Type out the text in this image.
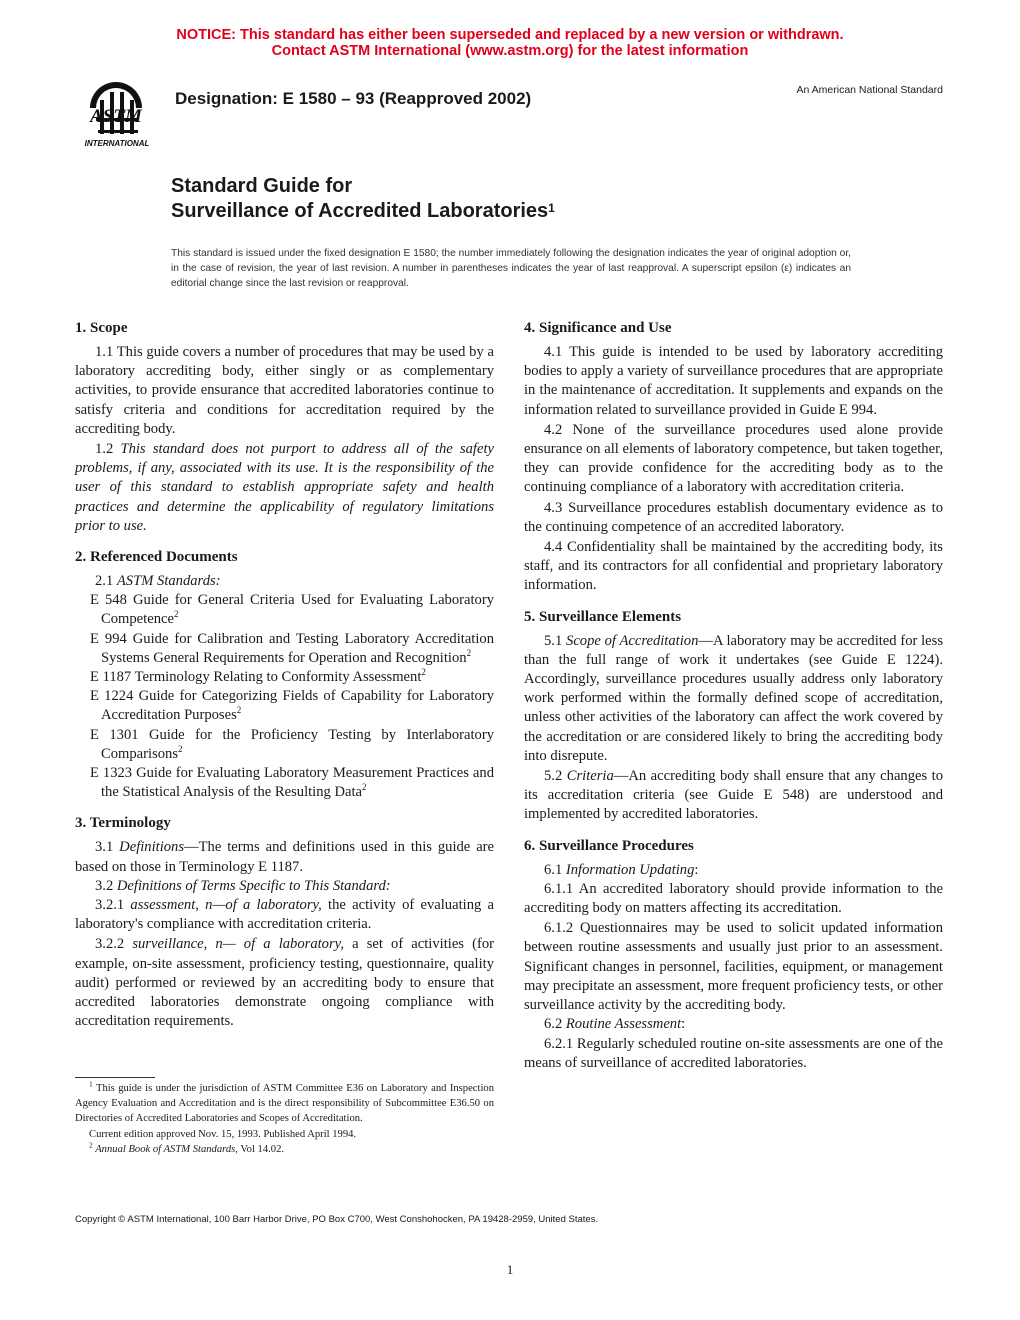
NOTICE: This standard has either been superseded and replaced by a new version or withdrawn.
Contact ASTM International (www.astm.org) for the latest information
ASTM
INTERNATIONAL
Designation: E 1580 – 93 (Reapproved 2002)	An American National Standard
Standard Guide for
Surveillance of Accredited Laboratories$^1$
This standard is issued under the fixed designation E 1580; the number immediately following the designation indicates the year of original adoption or, in the case of revision, the year of last revision. A number in parentheses indicates the year of last reapproval. A superscript epsilon (ε) indicates an editorial change since the last revision or reapproval.
1. Scope

1.1 This guide covers a number of procedures that may be used by a laboratory accrediting body, either singly or as complementary activities, to provide ensurance that accredited laboratories continue to satisfy criteria and conditions for accreditation required by the accrediting body.

1.2 This standard does not purport to address all of the safety problems, if any, associated with its use. It is the responsibility of the user of this standard to establish appropriate safety and health practices and determine the applicability of regulatory limitations prior to use.

2. Referenced Documents

2.1 ASTM Standards:

E 548 Guide for General Criteria Used for Evaluating Laboratory Competence$^2$

E 994 Guide for Calibration and Testing Laboratory Accreditation Systems General Requirements for Operation and Recognition$^2$

E 1187 Terminology Relating to Conformity Assessment$^2$

E 1224 Guide for Categorizing Fields of Capability for Laboratory Accreditation Purposes$^2$

E 1301 Guide for the Proficiency Testing by Interlaboratory Comparisons$^2$

E 1323 Guide for Evaluating Laboratory Measurement Practices and the Statistical Analysis of the Resulting Data$^2$

3. Terminology

3.1 Definitions—The terms and definitions used in this guide are based on those in Terminology E 1187.

3.2 Definitions of Terms Specific to This Standard:

3.2.1 assessment, n—of a laboratory, the activity of evaluating a laboratory's compliance with accreditation criteria.

3.2.2 surveillance, n— of a laboratory, a set of activities (for example, on-site assessment, proficiency testing, questionnaire, quality audit) performed or reviewed by an accrediting body to ensure that accredited laboratories demonstrate ongoing compliance with accreditation requirements.

$^1$ This guide is under the jurisdiction of ASTM Committee E36 on Laboratory and Inspection Agency Evaluation and Accreditation and is the direct responsibility of Subcommittee E36.50 on Directories of Accredited Laboratories and Scopes of Accreditation.

Current edition approved Nov. 15, 1993. Published April 1994.

$^2$ Annual Book of ASTM Standards, Vol 14.02.

4. Significance and Use

4.1 This guide is intended to be used by laboratory accrediting bodies to apply a variety of surveillance procedures that are appropriate in the maintenance of accreditation. It supplements and expands on the information related to surveillance provided in Guide E 994.

4.2 None of the surveillance procedures used alone provide ensurance on all elements of laboratory competence, but taken together, they can provide confidence for the accrediting body as to the continuing compliance of a laboratory with accreditation criteria.

4.3 Surveillance procedures establish documentary evidence as to the continuing competence of an accredited laboratory.

4.4 Confidentiality shall be maintained by the accrediting body, its staff, and its contractors for all confidential and proprietary laboratory information.

5. Surveillance Elements

5.1 Scope of Accreditation—A laboratory may be accredited for less than the full range of work it undertakes (see Guide E 1224). Accordingly, surveillance procedures usually address only laboratory work performed within the formally defined scope of accreditation, unless other activities of the laboratory can affect the work covered by the accreditation or are considered likely to bring the accrediting body into disrepute.

5.2 Criteria—An accrediting body shall ensure that any changes to its accreditation criteria (see Guide E 548) are understood and implemented by accredited laboratories.

6. Surveillance Procedures

6.1 Information Updating:

6.1.1 An accredited laboratory should provide information to the accrediting body on matters affecting its accreditation.

6.1.2 Questionnaires may be used to solicit updated information between routine assessments and usually just prior to an assessment. Significant changes in personnel, facilities, equipment, or management may precipitate an assessment, more frequent proficiency tests, or other surveillance activity by the accrediting body.

6.2 Routine Assessment:

6.2.1 Regularly scheduled routine on-site assessments are one of the means of surveillance of accredited laboratories.

Copyright © ASTM International, 100 Barr Harbor Drive, PO Box C700, West Conshohocken, PA 19428-2959, United States.
1
